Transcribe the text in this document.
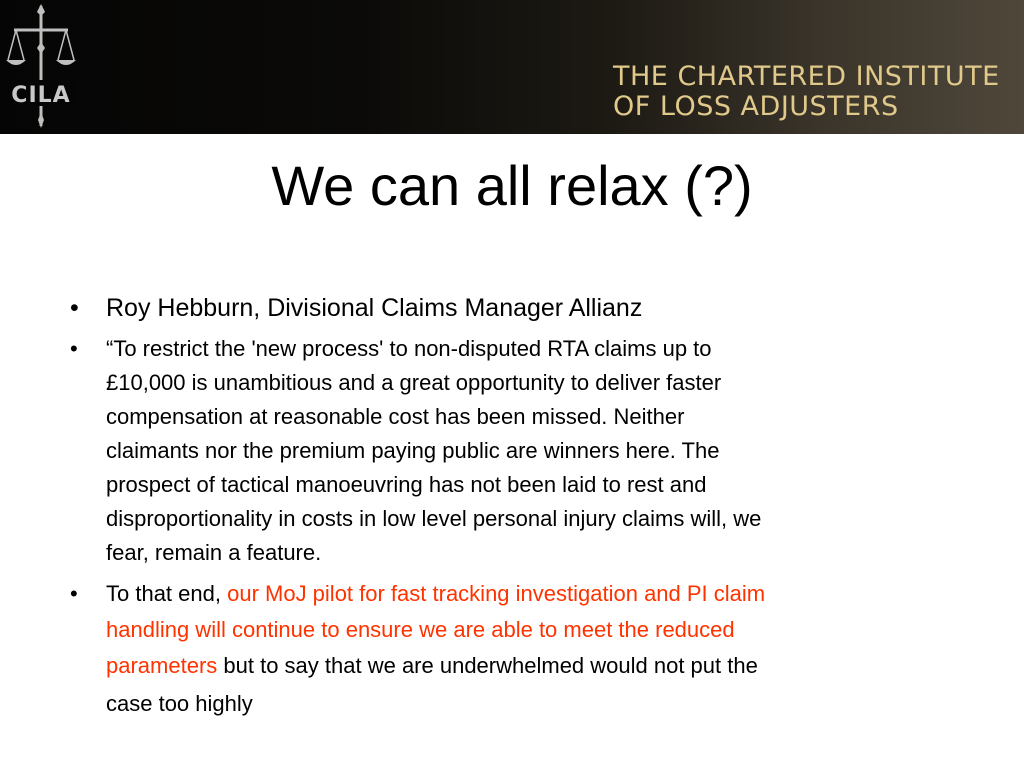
CILA
THE CHARTERED INSTITUTE
OF LOSS ADJUSTERS
We can all relax (?)
• Roy Hebburn, Divisional Claims Manager Allianz
• “To restrict the 'new process' to non-disputed RTA claims up to
£10,000 is unambitious and a great opportunity to deliver faster
compensation at reasonable cost has been missed. Neither
claimants nor the premium paying public are winners here. The
prospect of tactical manoeuvring has not been laid to rest and
disproportionality in costs in low level personal injury claims will, we
fear, remain a feature.
• To that end, our MoJ pilot for fast tracking investigation and PI claim
handling will continue to ensure we are able to meet the reduced
parameters but to say that we are underwhelmed would not put the
case too highly
